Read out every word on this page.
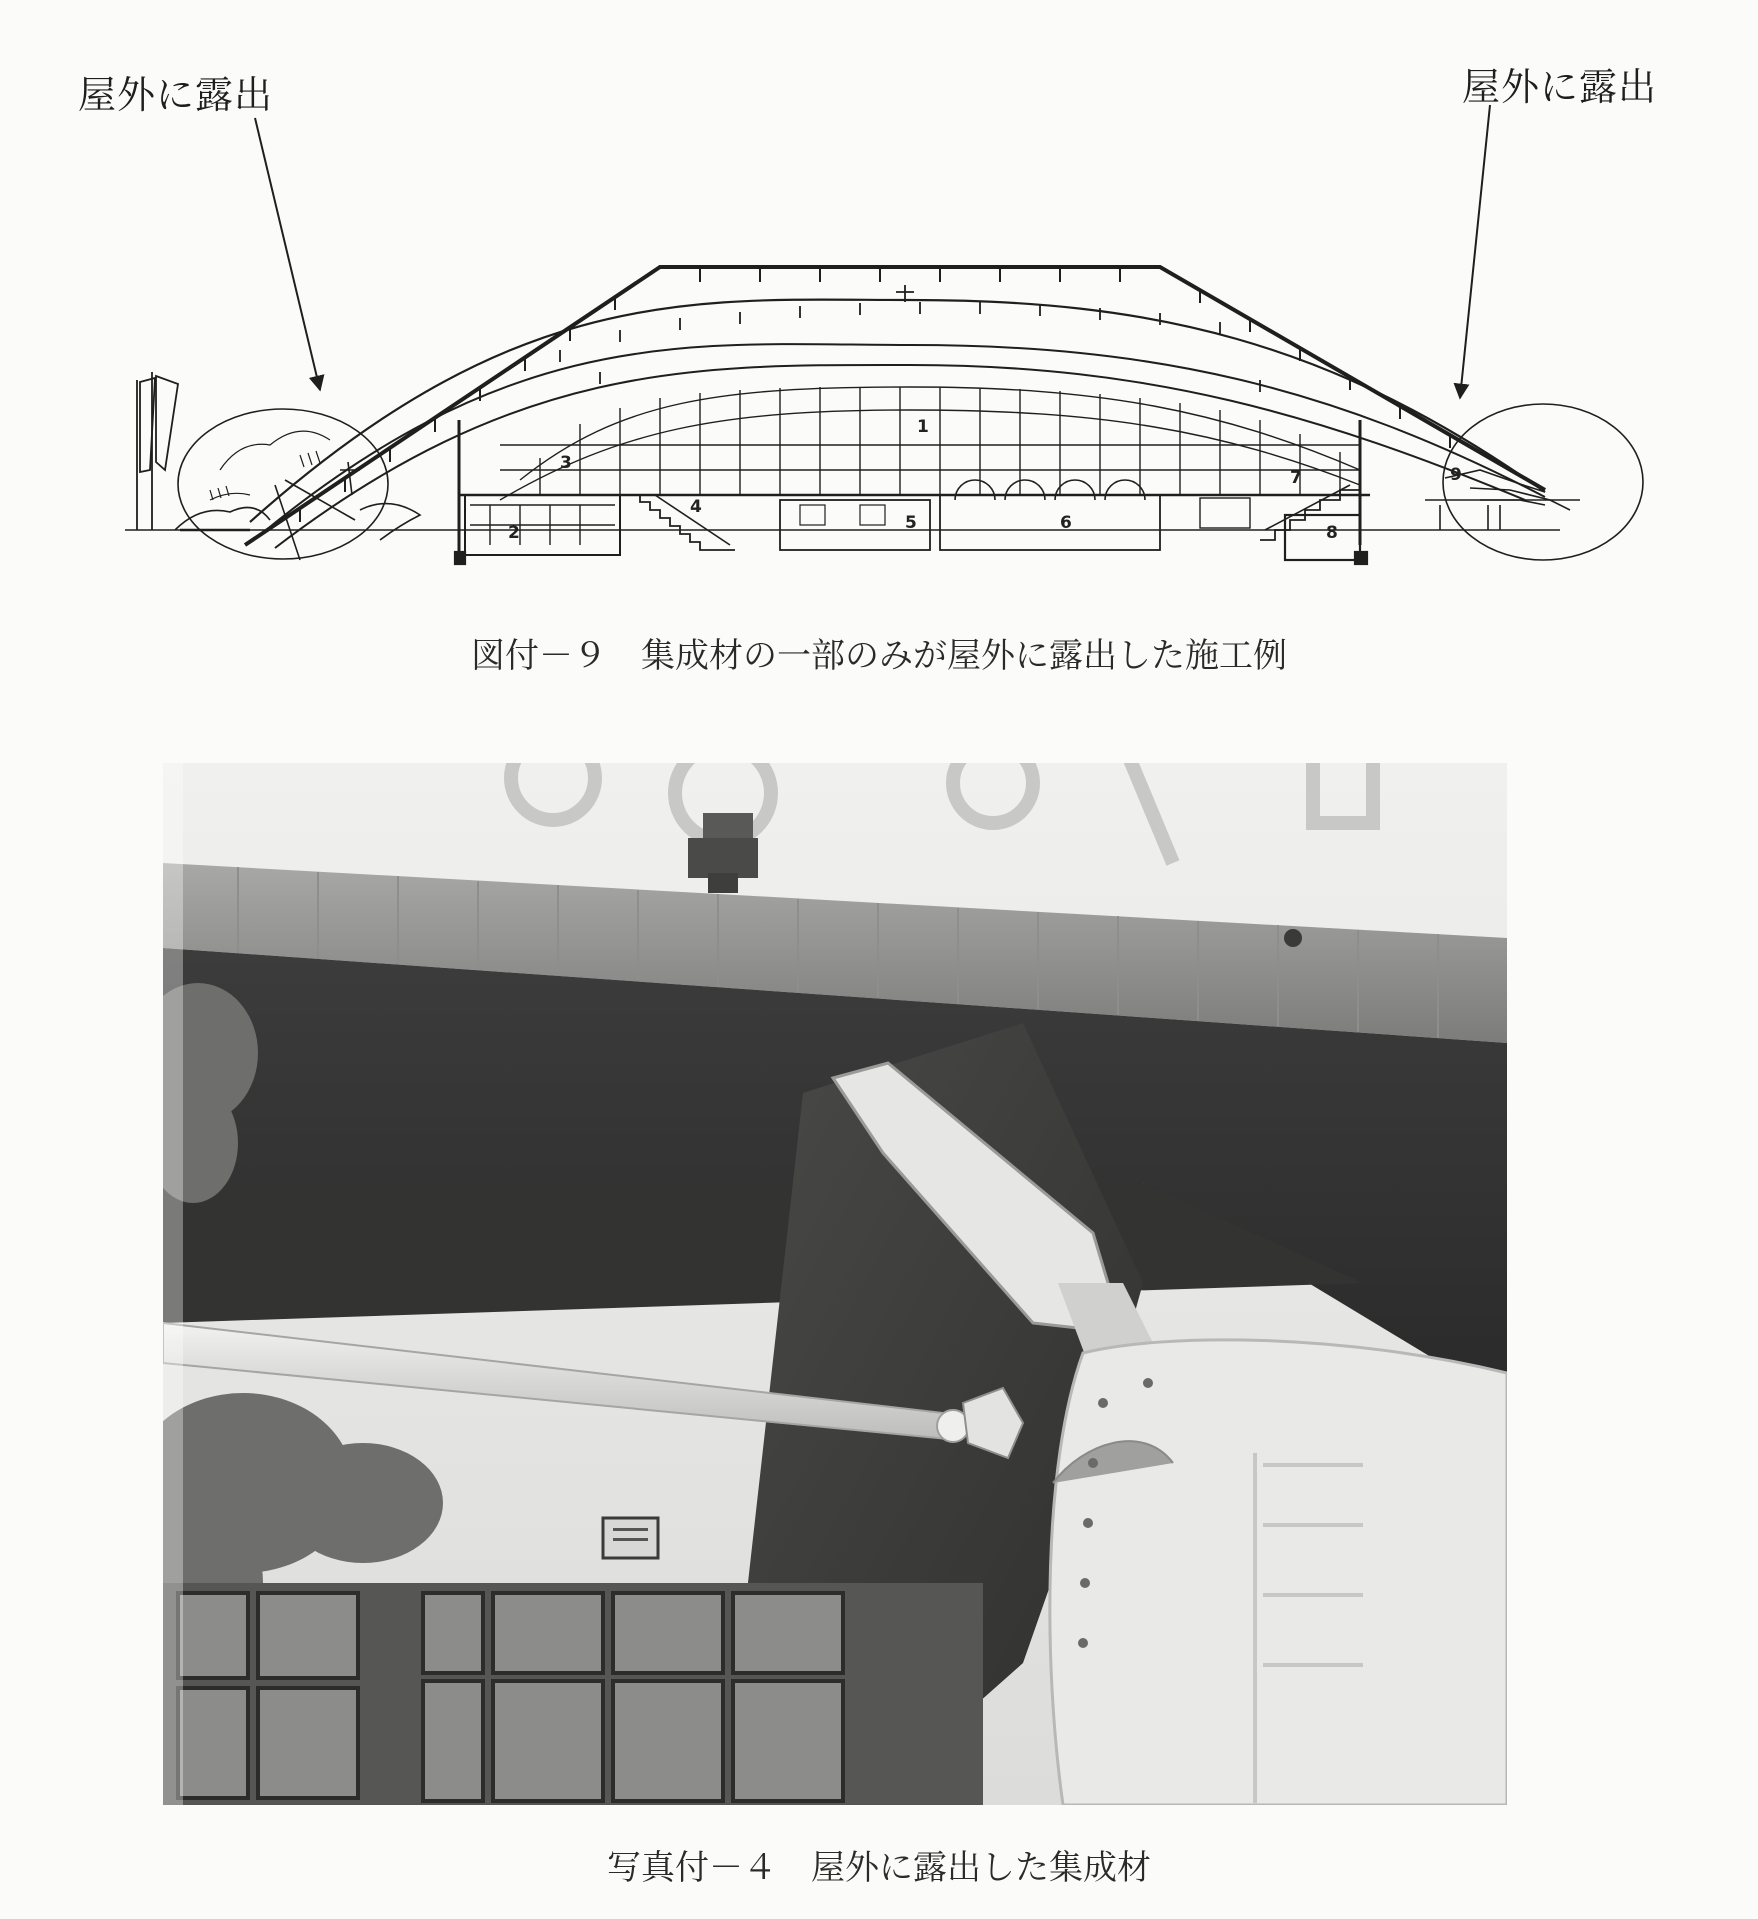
屋外に露出	屋外に露出
1
2
3
4
5	6
7
8
9
図付－９　集成材の一部のみが屋外に露出した施工例
写真付－４　屋外に露出した集成材
